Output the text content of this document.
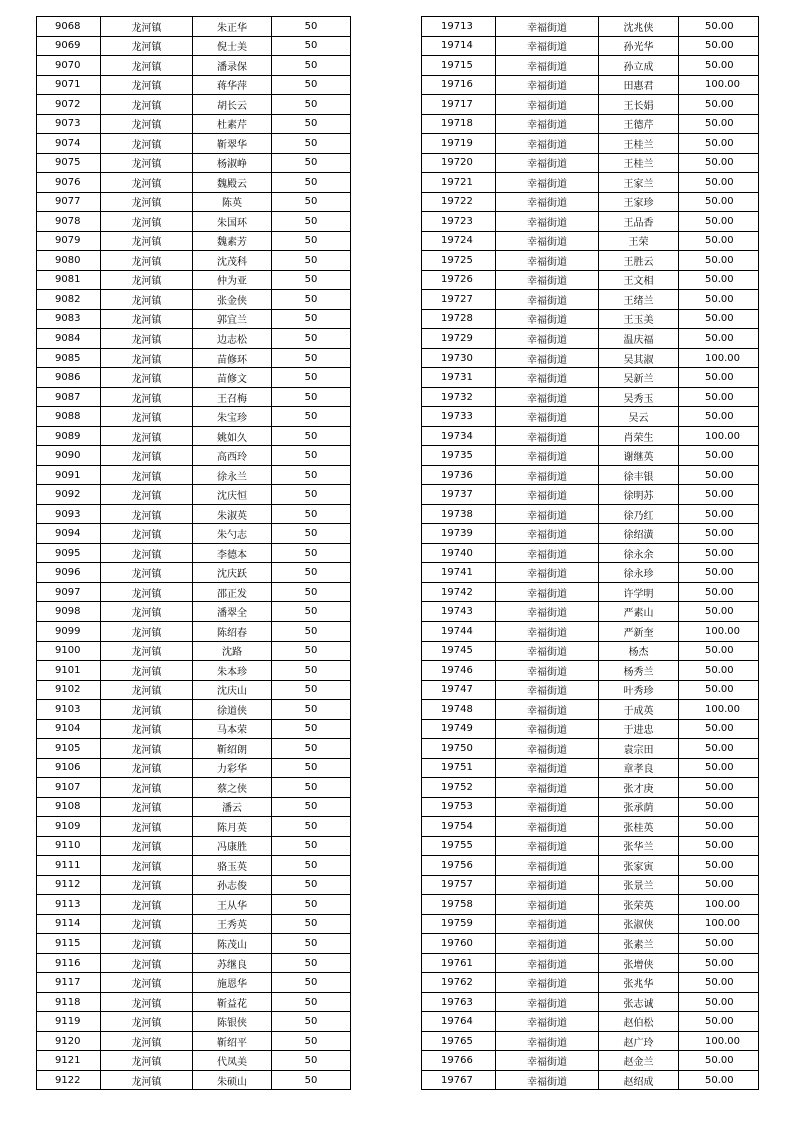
9068	龙河镇	朱正华	50
9069	龙河镇	倪士美	50
9070	龙河镇	潘录保	50
9071	龙河镇	蒋华萍	50
9072	龙河镇	胡长云	50
9073	龙河镇	杜素芹	50
9074	龙河镇	靳翠华	50
9075	龙河镇	杨淑峥	50
9076	龙河镇	魏殿云	50
9077	龙河镇	陈英	50
9078	龙河镇	朱国环	50
9079	龙河镇	魏素芳	50
9080	龙河镇	沈茂科	50
9081	龙河镇	仲为亚	50
9082	龙河镇	张金侠	50
9083	龙河镇	郭宜兰	50
9084	龙河镇	边志松	50
9085	龙河镇	苗修环	50
9086	龙河镇	苗修文	50
9087	龙河镇	王召梅	50
9088	龙河镇	朱宝珍	50
9089	龙河镇	姚如久	50
9090	龙河镇	高西玲	50
9091	龙河镇	徐永兰	50
9092	龙河镇	沈庆恒	50
9093	龙河镇	朱淑英	50
9094	龙河镇	朱勺志	50
9095	龙河镇	李德本	50
9096	龙河镇	沈庆跃	50
9097	龙河镇	邵正发	50
9098	龙河镇	潘翠全	50
9099	龙河镇	陈绍春	50
9100	龙河镇	沈路	50
9101	龙河镇	朱本珍	50
9102	龙河镇	沈庆山	50
9103	龙河镇	徐道侠	50
9104	龙河镇	马本荣	50
9105	龙河镇	靳绍朗	50
9106	龙河镇	力彩华	50
9107	龙河镇	蔡之侠	50
9108	龙河镇	潘云	50
9109	龙河镇	陈月英	50
9110	龙河镇	冯康胜	50
9111	龙河镇	骆玉英	50
9112	龙河镇	孙志俊	50
9113	龙河镇	王从华	50
9114	龙河镇	王秀英	50
9115	龙河镇	陈茂山	50
9116	龙河镇	苏继良	50
9117	龙河镇	施恩华	50
9118	龙河镇	靳益花	50
9119	龙河镇	陈银侠	50
9120	龙河镇	靳绍平	50
9121	龙河镇	代凤美	50
9122	龙河镇	朱硕山	50
19713	幸福街道	沈兆侠	50.00
19714	幸福街道	孙光华	50.00
19715	幸福街道	孙立成	50.00
19716	幸福街道	田惠君	100.00
19717	幸福街道	王长娟	50.00
19718	幸福街道	王德芹	50.00
19719	幸福街道	王桂兰	50.00
19720	幸福街道	王桂兰	50.00
19721	幸福街道	王家兰	50.00
19722	幸福街道	王家珍	50.00
19723	幸福街道	王品香	50.00
19724	幸福街道	王荣	50.00
19725	幸福街道	王胜云	50.00
19726	幸福街道	王文相	50.00
19727	幸福街道	王绪兰	50.00
19728	幸福街道	王玉美	50.00
19729	幸福街道	温庆福	50.00
19730	幸福街道	吴其淑	100.00
19731	幸福街道	吴新兰	50.00
19732	幸福街道	吴秀玉	50.00
19733	幸福街道	吴云	50.00
19734	幸福街道	肖荣生	100.00
19735	幸福街道	谢继英	50.00
19736	幸福街道	徐丰银	50.00
19737	幸福街道	徐明苏	50.00
19738	幸福街道	徐乃红	50.00
19739	幸福街道	徐绍潢	50.00
19740	幸福街道	徐永余	50.00
19741	幸福街道	徐永珍	50.00
19742	幸福街道	许学明	50.00
19743	幸福街道	严素山	50.00
19744	幸福街道	严新奎	100.00
19745	幸福街道	杨杰	50.00
19746	幸福街道	杨秀兰	50.00
19747	幸福街道	叶秀珍	50.00
19748	幸福街道	于成英	100.00
19749	幸福街道	于进忠	50.00
19750	幸福街道	袁宗田	50.00
19751	幸福街道	章孝良	50.00
19752	幸福街道	张才庚	50.00
19753	幸福街道	张承荫	50.00
19754	幸福街道	张桂英	50.00
19755	幸福街道	张华兰	50.00
19756	幸福街道	张家寅	50.00
19757	幸福街道	张景兰	50.00
19758	幸福街道	张荣英	100.00
19759	幸福街道	张淑侠	100.00
19760	幸福街道	张素兰	50.00
19761	幸福街道	张增侠	50.00
19762	幸福街道	张兆华	50.00
19763	幸福街道	张志诚	50.00
19764	幸福街道	赵伯松	50.00
19765	幸福街道	赵广玲	100.00
19766	幸福街道	赵金兰	50.00
19767	幸福街道	赵绍成	50.00
